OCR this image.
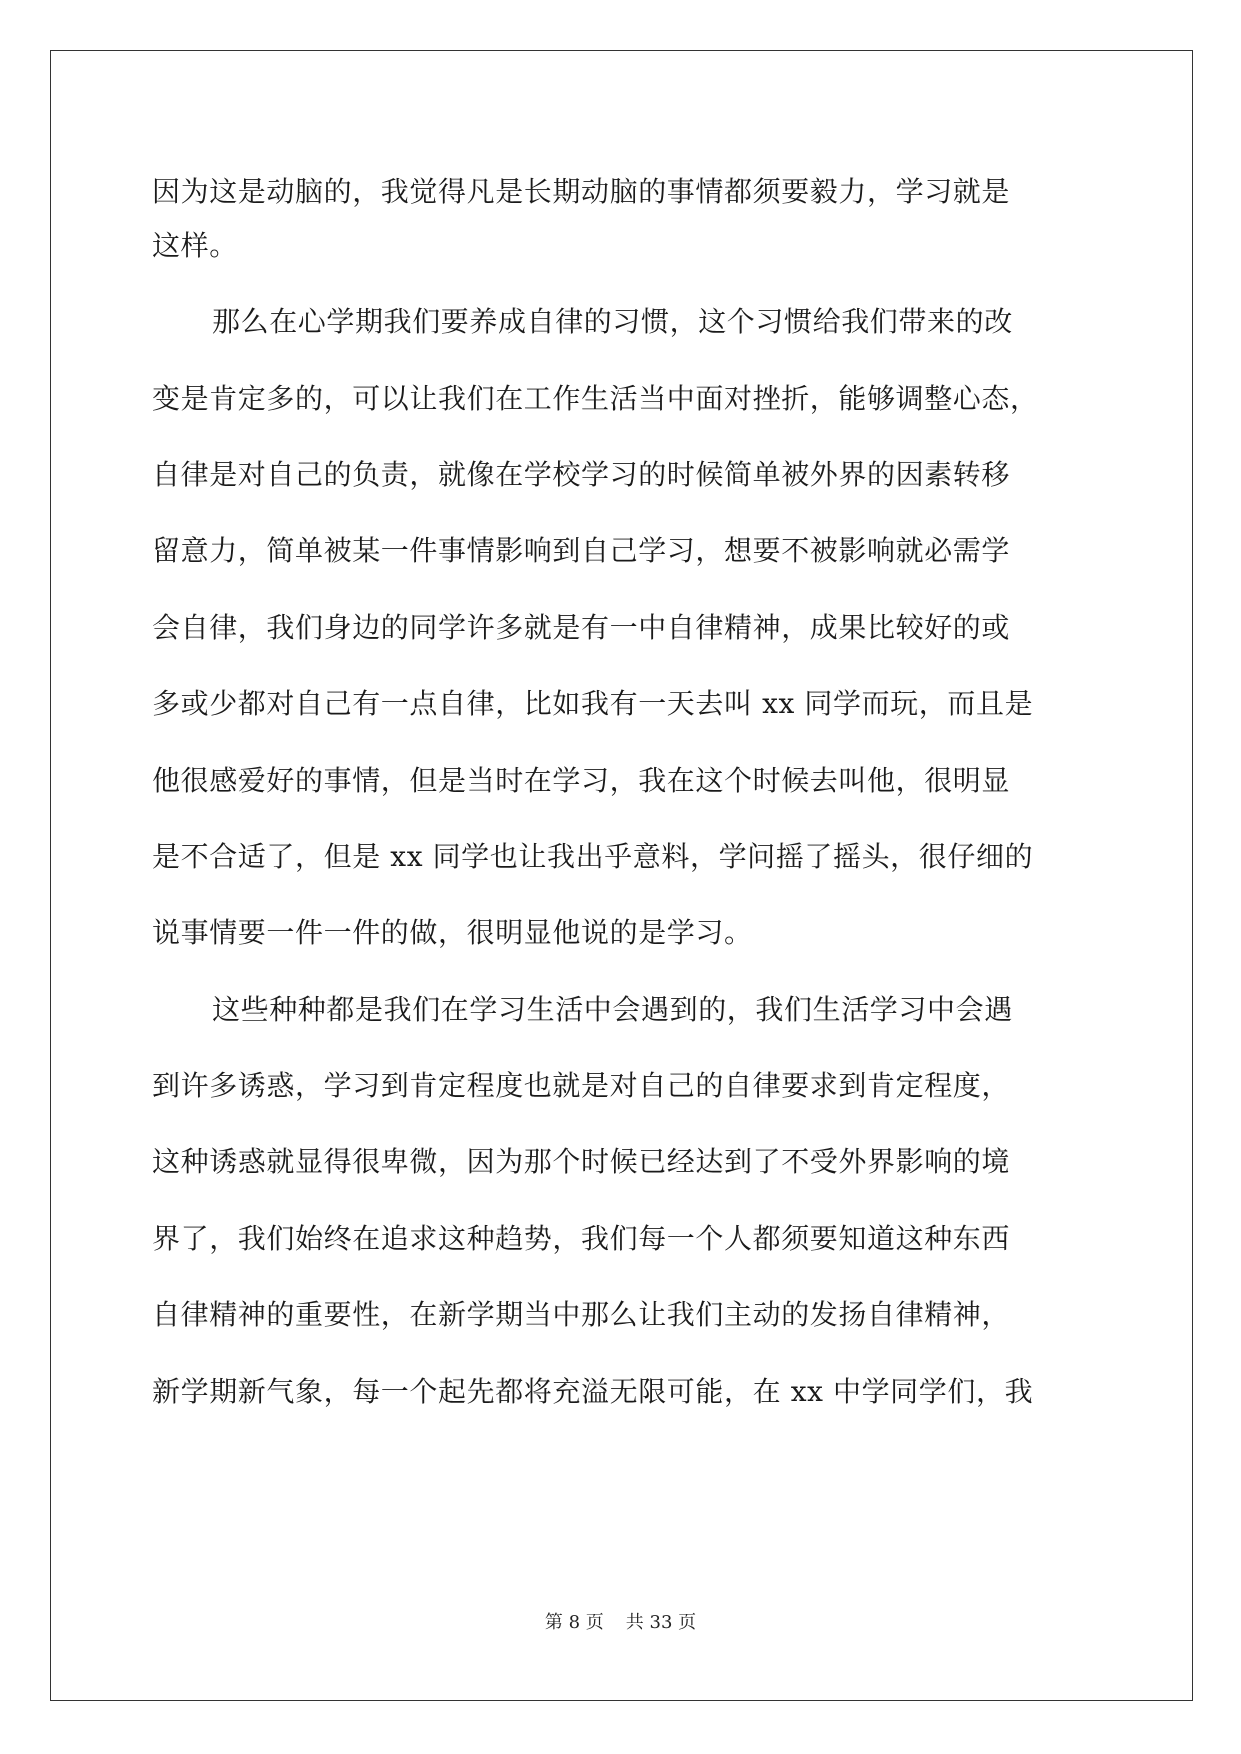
因为这是动脑的，我觉得凡是长期动脑的事情都须要毅力，学习就是
这样。
那么在心学期我们要养成自律的习惯，这个习惯给我们带来的改
变是肯定多的，可以让我们在工作生活当中面对挫折，能够调整心态，
自律是对自己的负责，就像在学校学习的时候简单被外界的因素转移
留意力，简单被某一件事情影响到自己学习，想要不被影响就必需学
会自律，我们身边的同学许多就是有一中自律精神，成果比较好的或
多或少都对自己有一点自律，比如我有一天去叫 xx 同学而玩，而且是
他很感爱好的事情，但是当时在学习，我在这个时候去叫他，很明显
是不合适了，但是 xx 同学也让我出乎意料，学问摇了摇头，很仔细的
说事情要一件一件的做，很明显他说的是学习。
这些种种都是我们在学习生活中会遇到的，我们生活学习中会遇
到许多诱惑，学习到肯定程度也就是对自己的自律要求到肯定程度，
这种诱惑就显得很卑微，因为那个时候已经达到了不受外界影响的境
界了，我们始终在追求这种趋势，我们每一个人都须要知道这种东西
自律精神的重要性，在新学期当中那么让我们主动的发扬自律精神，
新学期新气象，每一个起先都将充溢无限可能，在 xx 中学同学们，我
第 8 页 共 33 页
